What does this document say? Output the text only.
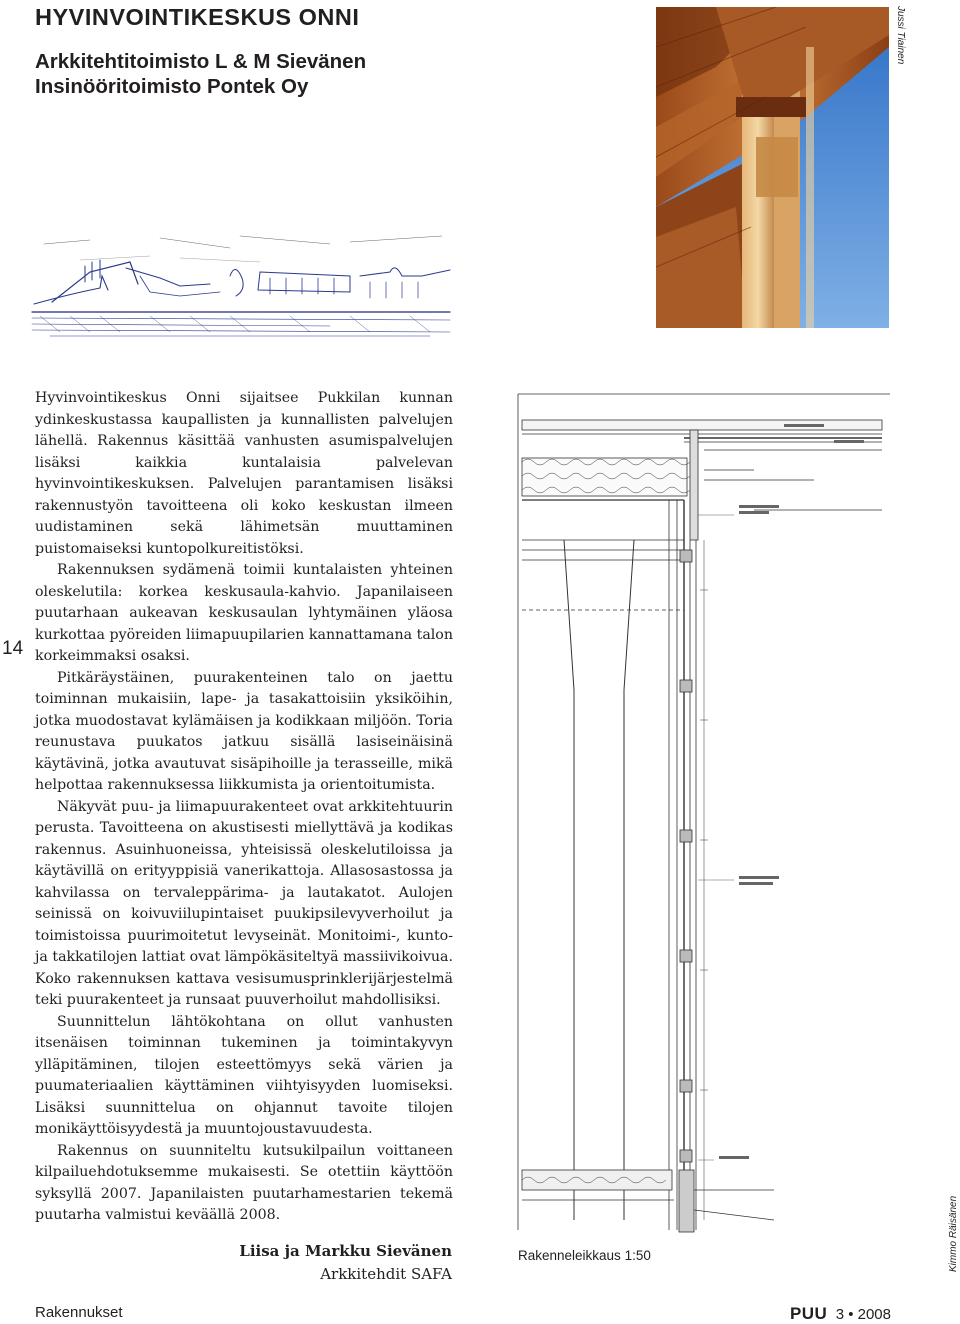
HYVINVOINTIKESKUS ONNI
Arkkitehtitoimisto L & M Sievänen
Insinööritoimisto Pontek Oy
Jussi Tiainen
14

Hyvinvointikeskus Onni sijaitsee Pukkilan kunnan ydinkeskustassa kaupallisten ja kunnallisten palvelujen lähellä. Rakennus käsittää vanhusten asumispalvelujen lisäksi kaikkia kuntalaisia palvelevan hyvinvointikeskuksen. Palvelujen parantamisen lisäksi rakennustyön tavoitteena oli koko keskustan ilmeen uudistaminen sekä lähimetsän muuttaminen puistomaiseksi kuntopolkureitistöksi.

Rakennuksen sydämenä toimii kuntalaisten yhteinen oleskelutila: korkea keskusaula-kahvio. Japanilaiseen puutarhaan aukeavan keskusaulan lyhtymäinen yläosa kurkottaa pyöreiden liimapuupilarien kannattamana talon korkeimmaksi osaksi.

Pitkäräystäinen, puurakenteinen talo on jaettu toiminnan mukaisiin, lape- ja tasakattoisiin yksiköihin, jotka muodostavat kylämäisen ja kodikkaan miljöön. Toria reunustava puukatos jatkuu sisällä lasiseinäisinä käytävinä, jotka avautuvat sisäpihoille ja terasseille, mikä helpottaa rakennuksessa liikkumista ja orientoitumista.

Näkyvät puu- ja liimapuurakenteet ovat arkkitehtuurin perusta. Tavoitteena on akustisesti miellyttävä ja kodikas rakennus. Asuinhuoneissa, yhteisissä oleskelutiloissa ja käytävillä on erityyppisiä vanerikattoja. Allasosastossa ja kahvilassa on tervaleppärima- ja lautakatot. Aulojen seinissä on koivuviilupintaiset puukipsilevyverhoilut ja toimistoissa puurimoitetut levyseinät. Monitoimi-, kunto- ja takkatilojen lattiat ovat lämpökäsiteltyä massiivikoivua. Koko rakennuksen kattava vesisumusprinklerijärjestelmä teki puurakenteet ja runsaat puuverhoilut mahdollisiksi.

Suunnittelun lähtökohtana on ollut vanhusten itsenäisen toiminnan tukeminen ja toimintakyvyn ylläpitäminen, tilojen esteettömyys sekä värien ja puumateriaalien käyttäminen viihtyisyyden luomiseksi. Lisäksi suunnittelua on ohjannut tavoite tilojen monikäyttöisyydestä ja muuntojoustavuudesta.

Rakennus on suunniteltu kutsukilpailun voittaneen kilpailuehdotuksemme mukaisesti. Se otettiin käyttöön syksyllä 2007. Japanilaisten puutarhamestarien tekemä puutarha valmistui keväällä 2008.

Liisa ja Markku Sievänen
Arkkitehdit SAFA
Rakenneleikkaus 1:50	Kimmo Räisänen
Rakennukset	PUU 3 • 2008
